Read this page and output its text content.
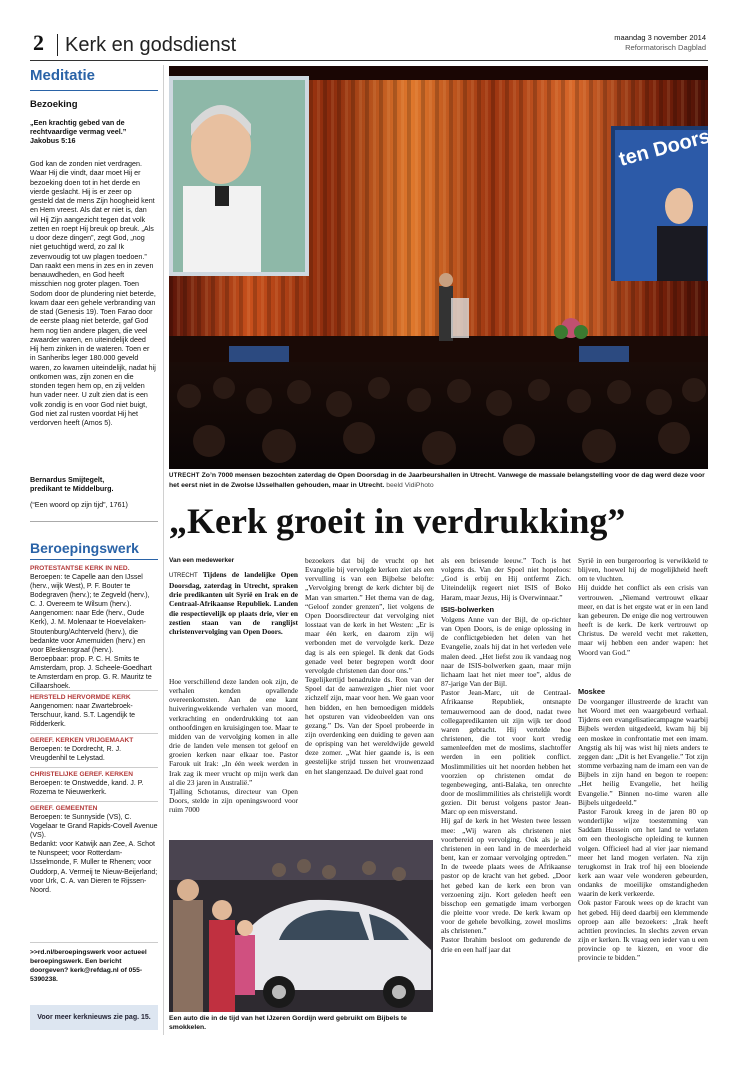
2 Kerk en godsdienst	maandag 3 november 2014
Reformatorisch Dagblad
Meditatie
Bezoeking
„Een krachtig gebed van de rechtvaardige vermag veel.”
Jakobus 5:16
God kan de zonden niet verdragen. Waar Hij die vindt, daar moet Hij er bezoeking doen tot in het derde en vierde geslacht. Hij is er zeer op gesteld dat de mens Zijn hoogheid kent en Hem vreest. Als dat er niet is, dan wil Hij Zijn aangezicht tegen dat volk zetten en roept Hij breuk op breuk. „Als u door deze dingen”, zegt God, „nog niet getuchtigd werd, zo zal Ik zevenvoudig tot uw plagen toedoen.” Dan raakt een mens in zes en in zeven benauwdheden, en God heeft misschien nog groter plagen. Toen Sodom door de plundering niet beterde, kwam daar een gehele verbranding van de stad (Genesis 19). Toen Farao door de eerste plaag niet beterde, gaf God hem nog tien andere plagen, die veel zwaarder waren, en uiteindelijk deed Hij hem zinken in de wateren. Toen er in Sanheribs leger 180.000 geveld waren, zo kwamen uiteindelijk, nadat hij ontkomen was, zijn zonen en die stonden tegen hem op, en zij velden hun vader neer. U zult zien dat is een volk zondig is en voor God niet buigt, God niet zal rusten voordat Hij het verdorven heeft (Amos 5).
Bernardus Smijtegelt,
predikant te Middelburg.
(“Een woord op zijn tijd”, 1761)
Beroepingswerk
PROTESTANTSE KERK IN NED.
Beroepen: te Capelle aan den IJssel (herv., wijk West), P. F. Bouter te Bodegraven (herv.); te Zegveld (herv.), C. J. Overeem te Wilsum (herv.).
Aangenomen: naar Ede (herv., Oude Kerk), J. M. Molenaar te Hoevelaken-Stoutenburg/Achterveld (herv.), die bedankte voor Arnemuiden (herv.) en voor Bleskensgraaf (herv.).
Beroepbaar: prop. P. C. H. Smits te Amsterdam, prop. J. Scheele-Goedhart te Amsterdam en prop. G. R. Mauritz te Cillaarshoek.
HERSTELD HERVORMDE KERK
Aangenomen: naar Zwartebroek-Terschuur, kand. S.T. Lagendijk te Ridderkerk.
GEREF. KERKEN VRIJGEMAAKT
Beroepen: te Dordrecht, R. J. Vreugdenhil te Lelystad.
CHRISTELIJKE GEREF. KERKEN
Beroepen: te Onstwedde, kand. J. P. Rozema te Nieuwerkerk.
GEREF. GEMEENTEN
Beroepen: te Sunnyside (VS), C. Vogelaar te Grand Rapids-Covell Avenue (VS).
Bedankt: voor Katwijk aan Zee, A. Schot te Nunspeet; voor Rotterdam-IJsselmonde, F. Muller te Rhenen; voor Ouddorp, A. Vermeij te Nieuw-Beijerland; voor Urk, C. A. van Dieren te Rijssen-Noord.
>>rd.nl/beroepingswerk voor actueel beroepingswerk. Een bericht doorgeven? kerk@refdag.nl of 055-5390238.
Voor meer kerknieuws zie pag. 15.
ten Doors
UTRECHT Zo’n 7000 mensen bezochten zaterdag de Open Doorsdag in de Jaarbeurshallen in Utrecht. Vanwege de massale belangstelling voor de dag werd deze voor het eerst niet in de Zwolse IJsselhallen gehouden, maar in Utrecht. beeld VidiPhoto
„Kerk groeit in verdrukking”
Van een medewerker
UTRECHT Tijdens de landelijke Open Doorsdag, zaterdag in Utrecht, spraken drie predikanten uit Syrië en Irak en de Centraal-Afrikaanse Republiek. Landen die respectievelijk op plaats drie, vier en zestien staan van de ranglijst christenvervolging van Open Doors.
Hoe verschillend deze landen ook zijn, de verhalen kenden opvallende overeenkomsten. Aan de ene kant huiveringwekkende verhalen van moord, verkrachting en onderdrukking tot aan onthoofdingen en kruisigingen toe. Maar te midden van de vervolging komen in alle drie de landen vele mensen tot geloof en groeien kerken naar elkaar toe. Pastor Farouk uit Irak: „In één week werden in Irak zag ik meer vrucht op mijn werk dan al die 23 jaren in Australië.”
Tjalling Schotanus, directeur van Open Doors, stelde in zijn openingswoord voor ruim 7000
bezoekers dat bij de vrucht op het Evangelie bij vervolgde kerken ziet als een vervulling is van een Bijbelse belofte: „Vervolging brengt de kerk dichter bij de Man van smarten.” Het thema van de dag, “Geloof zonder grenzen”, liet volgens de Open Doorsdirecteur dat vervolging niet losstaat van de kerk in het Westen: „Er is maar één kerk, en daarom zijn wij verbonden met de vervolgde kerk. Deze dag is als een spiegel. Ik denk dat Gods genade veel beter begrepen wordt door vervolgde christenen dan door ons.”
Tegelijkertijd benadrukte ds. Ron van der Spoel dat de aanwezigen „hier niet voor zichzelf zijn, maar voor hen. We gaan voor hen bidden, en hen bemoedigen middels het opsturen van videobeelden van ons gezang.” Ds. Van der Spoel probeerde in zijn overdenking een duiding te geven aan de oprisping van het wereldwijde geweld deze zomer. „Wat hier gaande is, is een geestelijke strijd tussen het vrouwenzaad en het slangenzaad. De duivel gaat rond
als een briesende leeuw.” Toch is het volgens ds. Van der Spoel niet hopeloos: „God is erbij en Hij ontfermt Zich. Uiteindelijk regeert niet ISIS of Boko Haram, maar Jezus, Hij is Overwinnaar.”
ISIS-bolwerken
Volgens Anne van der Bijl, de op-richter van Open Doors, is de enige oplossing in de conflictgebieden het delen van het Evangelie, zoals hij dat in het verleden vele malen deed. „Het liefst zou ik vandaag nog naar de ISIS-bolwerken gaan, maar mijn lichaam laat het niet meer toe”, aldus de 87-jarige Van der Bijl.
Pastor Jean-Marc, uit de Centraal-Afrikaanse Republiek, ontsnapte ternauwernood aan de dood, nadat twee collegapredikanten uit zijn wijk ter dood waren gebracht. Hij vertelde hoe christenen, die tot voor kort vredig samenleefden met de moslims, slachtoffer werden in een politiek conflict. Moslimmilities uit het noorden hebben het voorzien op christenen omdat de tegenbeweging, anti-Balaka, ten onrechte door de moslimmilities als christelijk wordt gezien. Dit berust volgens pastor Jean-Marc op een misverstand.
Hij gaf de kerk in het Westen twee lessen mee: „Wij waren als christenen niet voorbereid op vervolging. Ook als je als christenen in een land in de meerderheid bent, kan er zomaar vervolging optreden.” In de tweede plaats wees de Afrikaanse pastor op de kracht van het gebed. „Door het gebed kan de kerk een bron van verzoening zijn. Kort geleden heeft een bisschop een gematigde imam verborgen die pleitte voor vrede. De kerk kwam op voor de gehele bevolking, zowel moslims als christenen.”
Pastor Ibrahim besloot om gedurende de drie en een half jaar dat
Syrië in een burgeroorlog is verwikkeld te blijven, hoewel hij de mogelijkheid heeft om te vluchten.
Hij duidde het conflict als een crisis van vertrouwen. „Niemand vertrouwt elkaar meer, en dat is het ergste wat er in een land kan gebeuren. De enige die nog vertrouwen heeft is de kerk. De kerk vertrouwt op Christus. De wereld vecht met raketten, maar wij hebben een ander wapen: het Woord van God.”
Moskee
De voorganger illustreerde de kracht van het Woord met een waargebeurd verhaal. Tijdens een evangelisatiecampagne waarbij Bijbels werden uitgedeeld, kwam hij bij een moskee in confrontatie met een imam. Angstig als hij was wist hij niets anders te zeggen dan: „Dit is het Evangelie.” Tot zijn stomme verbazing nam de imam een van de Bijbels in zijn hand en begon te roepen: „Het heilig Evangelie, het heilig Evangelie.” Binnen no-time waren alle Bijbels uitgedeeld.”
Pastor Farouk kreeg in de jaren 80 op wonderlijke wijze toestemming van Saddam Hussein om het land te verlaten om een theologische opleiding te kunnen volgen. Officieel had al vier jaar niemand meer het land mogen verlaten. Na zijn terugkomst in Irak trof hij een bloeiende kerk aan waar vele wonderen gebeurden, ondanks de moeilijke omstandigheden waarin de kerk verkeerde.
Ook pastor Farouk wees op de kracht van het gebed. Hij deed daarbij een klemmende oproep aan alle bezoekers: „Irak heeft achttien provincies. In slechts zeven ervan zijn er kerken. Ik vraag een ieder van u een provincie op te kiezen, en voor die provincie te bidden.”
Een auto die in de tijd van het IJzeren Gordijn werd gebruikt om Bijbels te smokkelen.
